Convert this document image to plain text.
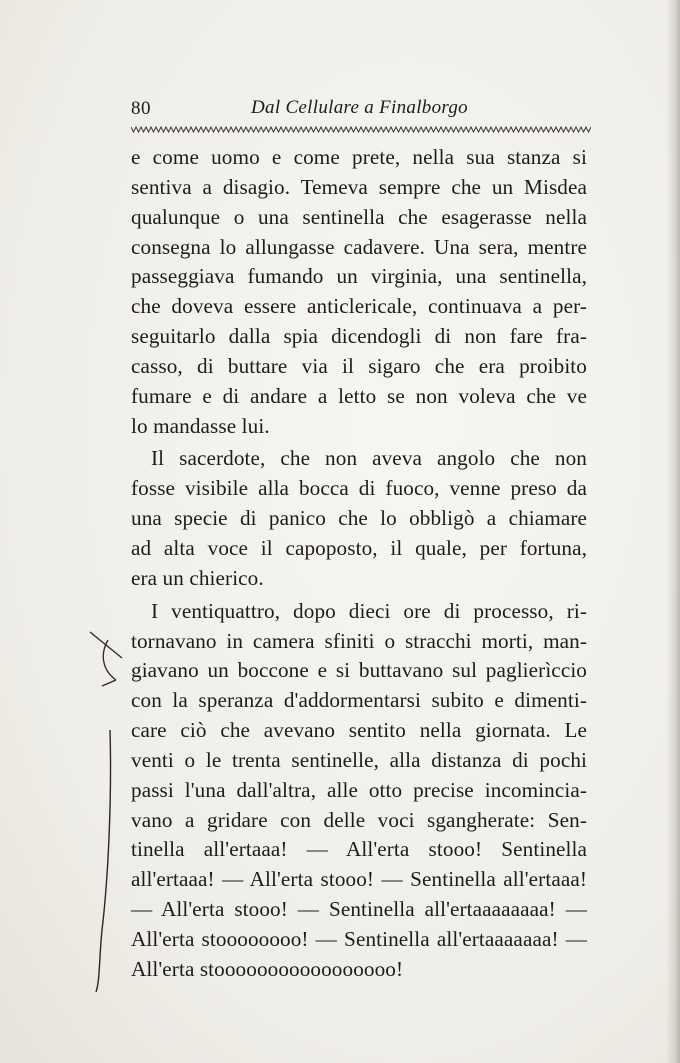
80	Dal Cellulare a Finalborgo
e come uomo e come prete, nella sua stanza si
sentiva a disagio. Temeva sempre che un Misdea
qualunque o una sentinella che esagerasse nella
consegna lo allungasse cadavere. Una sera, mentre
passeggiava fumando un virginia, una sentinella,
che doveva essere anticlericale, continuava a per-
seguitarlo dalla spia dicendogli di non fare fra-
casso, di buttare via il sigaro che era proibito
fumare e di andare a letto se non voleva che ve
lo mandasse lui.
Il sacerdote, che non aveva angolo che non
fosse visibile alla bocca di fuoco, venne preso da
una specie di panico che lo obbligò a chiamare
ad alta voce il capoposto, il quale, per fortuna,
era un chierico.
I ventiquattro, dopo dieci ore di processo, ri-
tornavano in camera sfiniti o stracchi morti, man-
giavano un boccone e si buttavano sul paglierìccio
con la speranza d'addormentarsi subito e dimenti-
care ciò che avevano sentito nella giornata. Le
venti o le trenta sentinelle, alla distanza di pochi
passi l'una dall'altra, alle otto precise incomincia-
vano a gridare con delle voci sgangherate: Sen-
tinella all'ertaaa! — All'erta stooo! Sentinella
all'ertaaa! — All'erta stooo! — Sentinella all'ertaaa!
— All'erta stooo! — Sentinella all'ertaaaaaaaa! —
All'erta stoooooooo! — Sentinella all'ertaaaaaaa! —
All'erta stooooooooooooooooo!
